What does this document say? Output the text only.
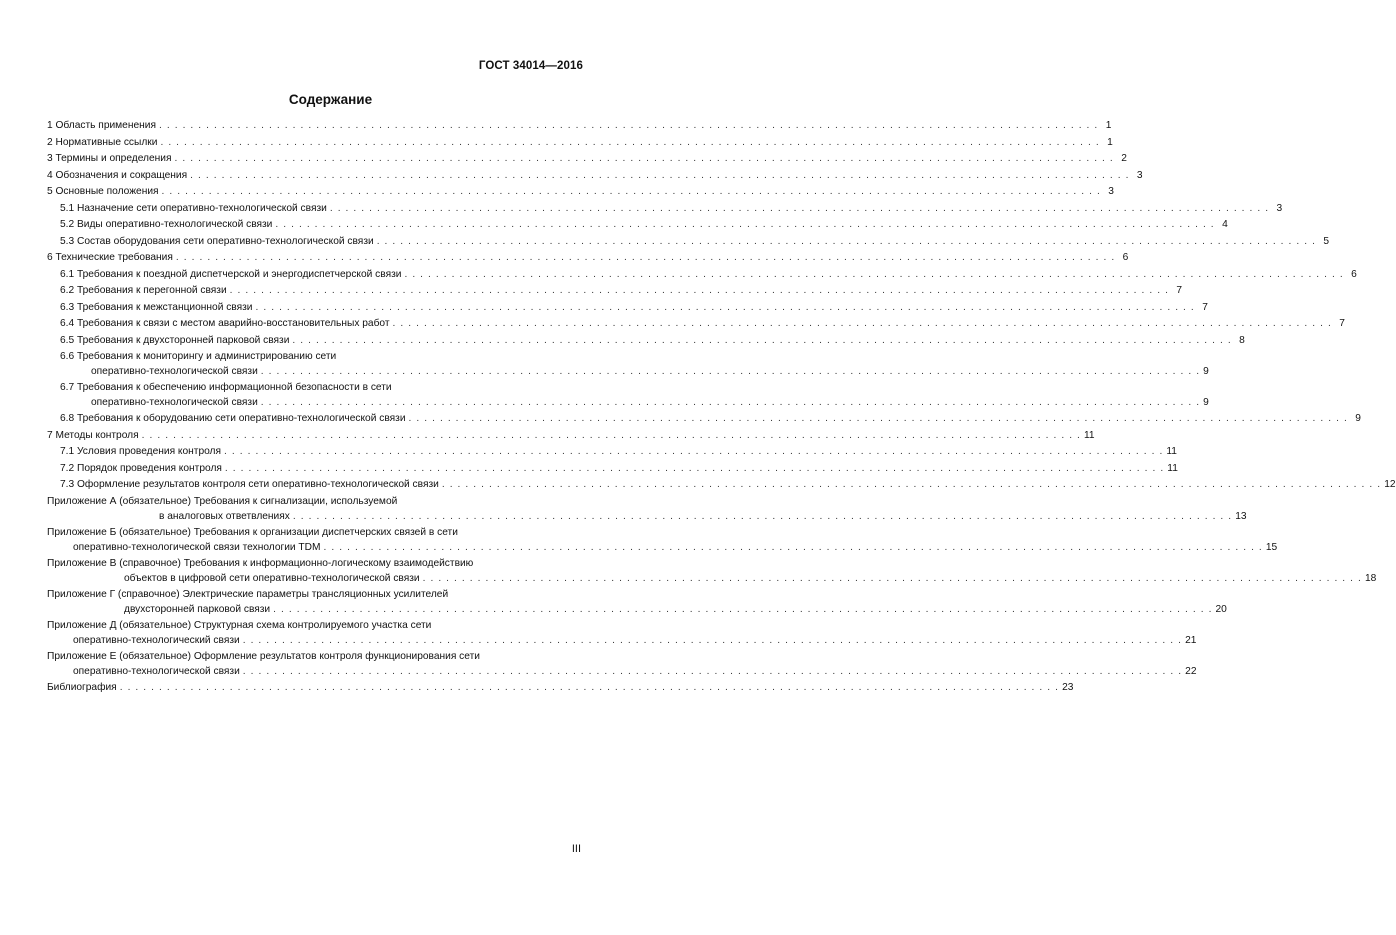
ГОСТ 34014—2016
Содержание
1 Область применения . . . . . . . . . . . . . . . . . . . . . . . . . . . . . . . . . . . . . . . . . . . . . . . . . . . . . . . . . . . . . . . . . . . . . . . . . . . . . . . . . . . . . . . . . . . . . . . . . . . . . . . . . . . . . . . . . . . . . . . . 1
2 Нормативные ссылки . . . . . . . . . . . . . . . . . . . . . . . . . . . . . . . . . . . . . . . . . . . . . . . . . . . . . . . . . . . . . . . . . . . . . . . . . . . . . . . . . . . . . . . . . . . . . . . . . . . . . . . . . . . . . . . . . . . . . . . . 1
3 Термины и определения . . . . . . . . . . . . . . . . . . . . . . . . . . . . . . . . . . . . . . . . . . . . . . . . . . . . . . . . . . . . . . . . . . . . . . . . . . . . . . . . . . . . . . . . . . . . . . . . . . . . . . . . . . . . . . . . . . . . . . . . 2
4 Обозначения и сокращения . . . . . . . . . . . . . . . . . . . . . . . . . . . . . . . . . . . . . . . . . . . . . . . . . . . . . . . . . . . . . . . . . . . . . . . . . . . . . . . . . . . . . . . . . . . . . . . . . . . . . . . . . . . . . . . . . . . . . . . . 3
5 Основные положения . . . . . . . . . . . . . . . . . . . . . . . . . . . . . . . . . . . . . . . . . . . . . . . . . . . . . . . . . . . . . . . . . . . . . . . . . . . . . . . . . . . . . . . . . . . . . . . . . . . . . . . . . . . . . . . . . . . . . . . . 3
5.1 Назначение сети оперативно-технологической связи . . . . . . . . . . . . . . . . . . . . . . . . . . . . . . . . . . . . . . . . . . . . . . . . . . . . . . . . . . . . . . . . . . . . . . . . . . . . . . . . . . . . . . . . . . . . . . . . . . . . . . . . . . . . . . . . . . . . . . . . 3
5.2 Виды оперативно-технологической связи . . . . . . . . . . . . . . . . . . . . . . . . . . . . . . . . . . . . . . . . . . . . . . . . . . . . . . . . . . . . . . . . . . . . . . . . . . . . . . . . . . . . . . . . . . . . . . . . . . . . . . . . . . . . . . . . . . . . . . . . 4
5.3 Состав оборудования сети оперативно-технологической связи . . . . . . . . . . . . . . . . . . . . . . . . . . . . . . . . . . . . . . . . . . . . . . . . . . . . . . . . . . . . . . . . . . . . . . . . . . . . . . . . . . . . . . . . . . . . . . . . . . . . . . . . . . . . . . . . . . . . . . . . 5
6 Технические требования . . . . . . . . . . . . . . . . . . . . . . . . . . . . . . . . . . . . . . . . . . . . . . . . . . . . . . . . . . . . . . . . . . . . . . . . . . . . . . . . . . . . . . . . . . . . . . . . . . . . . . . . . . . . . . . . . . . . . . . . 6
6.1 Требования к поездной диспетчерской и энергодиспетчерской связи . . . . . . . . . . . . . . . . . . . . . . . . . . . . . . . . . . . . . . . . . . . . . . . . . . . . . . . . . . . . . . . . . . . . . . . . . . . . . . . . . . . . . . . . . . . . . . . . . . . . . . . . . . . . . . . . . . . . . . . . 6
6.2 Требования к перегонной связи . . . . . . . . . . . . . . . . . . . . . . . . . . . . . . . . . . . . . . . . . . . . . . . . . . . . . . . . . . . . . . . . . . . . . . . . . . . . . . . . . . . . . . . . . . . . . . . . . . . . . . . . . . . . . . . . . . . . . . . . 7
6.3 Требования к межстанционной связи . . . . . . . . . . . . . . . . . . . . . . . . . . . . . . . . . . . . . . . . . . . . . . . . . . . . . . . . . . . . . . . . . . . . . . . . . . . . . . . . . . . . . . . . . . . . . . . . . . . . . . . . . . . . . . . . . . . . . . . . 7
6.4 Требования к связи с местом аварийно-восстановительных работ . . . . . . . . . . . . . . . . . . . . . . . . . . . . . . . . . . . . . . . . . . . . . . . . . . . . . . . . . . . . . . . . . . . . . . . . . . . . . . . . . . . . . . . . . . . . . . . . . . . . . . . . . . . . . . . . . . . . . . . . 7
6.5 Требования к двухсторонней парковой связи . . . . . . . . . . . . . . . . . . . . . . . . . . . . . . . . . . . . . . . . . . . . . . . . . . . . . . . . . . . . . . . . . . . . . . . . . . . . . . . . . . . . . . . . . . . . . . . . . . . . . . . . . . . . . . . . . . . . . . . . 8
6.6 Требования к мониторингу и администрированию сети
оперативно-технологической связи . . . . . . . . . . . . . . . . . . . . . . . . . . . . . . . . . . . . . . . . . . . . . . . . . . . . . . . . . . . . . . . . . . . . . . . . . . . . . . . . . . . . . . . . . . . . . . . . . . . . . . . . . . . . . . . . . . . . . . . . 9
6.7 Требования к обеспечению информационной безопасности в сети
оперативно-технологической связи . . . . . . . . . . . . . . . . . . . . . . . . . . . . . . . . . . . . . . . . . . . . . . . . . . . . . . . . . . . . . . . . . . . . . . . . . . . . . . . . . . . . . . . . . . . . . . . . . . . . . . . . . . . . . . . . . . . . . . . . 9
6.8 Требования к оборудованию сети оперативно-технологической связи . . . . . . . . . . . . . . . . . . . . . . . . . . . . . . . . . . . . . . . . . . . . . . . . . . . . . . . . . . . . . . . . . . . . . . . . . . . . . . . . . . . . . . . . . . . . . . . . . . . . . . . . . . . . . . . . . . . . . . . . 9
7 Методы контроля . . . . . . . . . . . . . . . . . . . . . . . . . . . . . . . . . . . . . . . . . . . . . . . . . . . . . . . . . . . . . . . . . . . . . . . . . . . . . . . . . . . . . . . . . . . . . . . . . . . . . . . . . . . . . . . . . . . . . . . . 11
7.1 Условия проведения контроля . . . . . . . . . . . . . . . . . . . . . . . . . . . . . . . . . . . . . . . . . . . . . . . . . . . . . . . . . . . . . . . . . . . . . . . . . . . . . . . . . . . . . . . . . . . . . . . . . . . . . . . . . . . . . . . . . . . . . . . . 11
7.2 Порядок проведения контроля . . . . . . . . . . . . . . . . . . . . . . . . . . . . . . . . . . . . . . . . . . . . . . . . . . . . . . . . . . . . . . . . . . . . . . . . . . . . . . . . . . . . . . . . . . . . . . . . . . . . . . . . . . . . . . . . . . . . . . . . 11
7.3 Оформление результатов контроля сети оперативно-технологической связи . . . . . . . . . . . . . . . . . . . . . . . . . . . . . . . . . . . . . . . . . . . . . . . . . . . . . . . . . . . . . . . . . . . . . . . . . . . . . . . . . . . . . . . . . . . . . . . . . . . . . . . . . . . . . . . . . . . . . . . . 12
Приложение А (обязательное) Требования к сигнализации, используемой
в аналоговых ответвлениях . . . . . . . . . . . . . . . . . . . . . . . . . . . . . . . . . . . . . . . . . . . . . . . . . . . . . . . . . . . . . . . . . . . . . . . . . . . . . . . . . . . . . . . . . . . . . . . . . . . . . . . . . . . . . . . . . . . . . . . . 13
Приложение Б (обязательное) Требования к организации диспетчерских связей в сети
оперативно-технологической связи технологии TDM . . . . . . . . . . . . . . . . . . . . . . . . . . . . . . . . . . . . . . . . . . . . . . . . . . . . . . . . . . . . . . . . . . . . . . . . . . . . . . . . . . . . . . . . . . . . . . . . . . . . . . . . . . . . . . . . . . . . . . . . 15
Приложение В (справочное) Требования к информационно-логическому взаимодействию
объектов в цифровой сети оперативно-технологической связи . . . . . . . . . . . . . . . . . . . . . . . . . . . . . . . . . . . . . . . . . . . . . . . . . . . . . . . . . . . . . . . . . . . . . . . . . . . . . . . . . . . . . . . . . . . . . . . . . . . . . . . . . . . . . . . . . . . . . . . . 18
Приложение Г (справочное) Электрические параметры трансляционных усилителей
двухсторонней парковой связи . . . . . . . . . . . . . . . . . . . . . . . . . . . . . . . . . . . . . . . . . . . . . . . . . . . . . . . . . . . . . . . . . . . . . . . . . . . . . . . . . . . . . . . . . . . . . . . . . . . . . . . . . . . . . . . . . . . . . . . . 20
Приложение Д (обязательное) Структурная схема контролируемого участка сети
оперативно-технологический связи . . . . . . . . . . . . . . . . . . . . . . . . . . . . . . . . . . . . . . . . . . . . . . . . . . . . . . . . . . . . . . . . . . . . . . . . . . . . . . . . . . . . . . . . . . . . . . . . . . . . . . . . . . . . . . . . . . . . . . . . 21
Приложение Е (обязательное) Оформление результатов контроля функционирования сети
оперативно-технологической связи . . . . . . . . . . . . . . . . . . . . . . . . . . . . . . . . . . . . . . . . . . . . . . . . . . . . . . . . . . . . . . . . . . . . . . . . . . . . . . . . . . . . . . . . . . . . . . . . . . . . . . . . . . . . . . . . . . . . . . . . 22
Библиография . . . . . . . . . . . . . . . . . . . . . . . . . . . . . . . . . . . . . . . . . . . . . . . . . . . . . . . . . . . . . . . . . . . . . . . . . . . . . . . . . . . . . . . . . . . . . . . . . . . . . . . . . . . . . . . . . . . . . . . . 23
III
